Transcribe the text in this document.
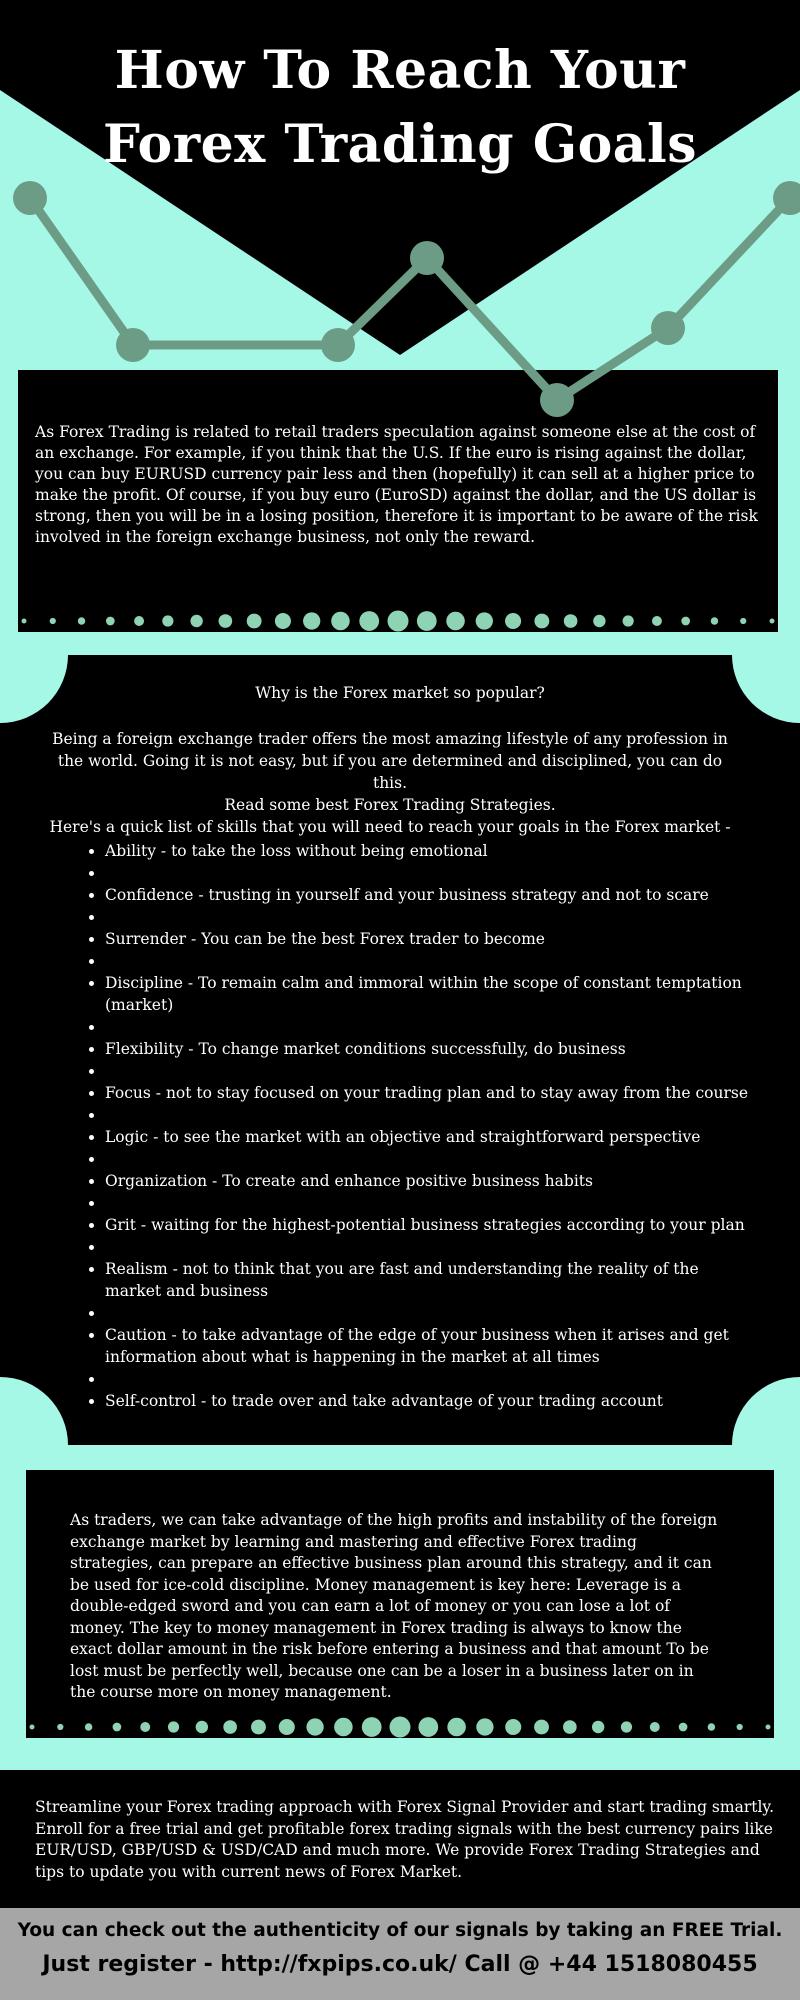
How To Reach Your
Forex Trading Goals
As Forex Trading is related to retail traders speculation against someone else at the cost of an exchange. For example, if you think that the U.S. If the euro is rising against the dollar, you can buy EURUSD currency pair less and then (hopefully) it can sell at a higher price to make the profit. Of course, if you buy euro (EuroSD) against the dollar, and the US dollar is strong, then you will be in a losing position, therefore it is important to be aware of the risk involved in the foreign exchange business, not only the reward.
Why is the Forex market so popular?
Being a foreign exchange trader offers the most amazing lifestyle of any profession in
the world. Going it is not easy, but if you are determined and disciplined, you can do this.
Read some best Forex Trading Strategies.
Here's a quick list of skills that you will need to reach your goals in the Forex market -
Ability - to take the loss without being emotional

Confidence - trusting in yourself and your business strategy and not to scare

Surrender - You can be the best Forex trader to become

Discipline - To remain calm and immoral within the scope of constant temptation (market)

Flexibility - To change market conditions successfully, do business

Focus - not to stay focused on your trading plan and to stay away from the course

Logic - to see the market with an objective and straightforward perspective

Organization - To create and enhance positive business habits

Grit - waiting for the highest-potential business strategies according to your plan

Realism - not to think that you are fast and understanding the reality of the market and business

Caution - to take advantage of the edge of your business when it arises and get information about what is happening in the market at all times

Self-control - to trade over and take advantage of your trading account
As traders, we can take advantage of the high profits and instability of the foreign exchange market by learning and mastering and effective Forex trading strategies, can prepare an effective business plan around this strategy, and it can be used for ice-cold discipline. Money management is key here: Leverage is a double-edged sword and you can earn a lot of money or you can lose a lot of money. The key to money management in Forex trading is always to know the exact dollar amount in the risk before entering a business and that amount To be lost must be perfectly well, because one can be a loser in a business later on in the course more on money management.
Streamline your Forex trading approach with Forex Signal Provider and start trading smartly. Enroll for a free trial and get profitable forex trading signals with the best currency pairs like EUR/USD, GBP/USD & USD/CAD and much more. We provide Forex Trading Strategies and tips to update you with current news of Forex Market.
You can check out the authenticity of our signals by taking an FREE Trial.
Just register - http://fxpips.co.uk/ Call @ +44 1518080455
